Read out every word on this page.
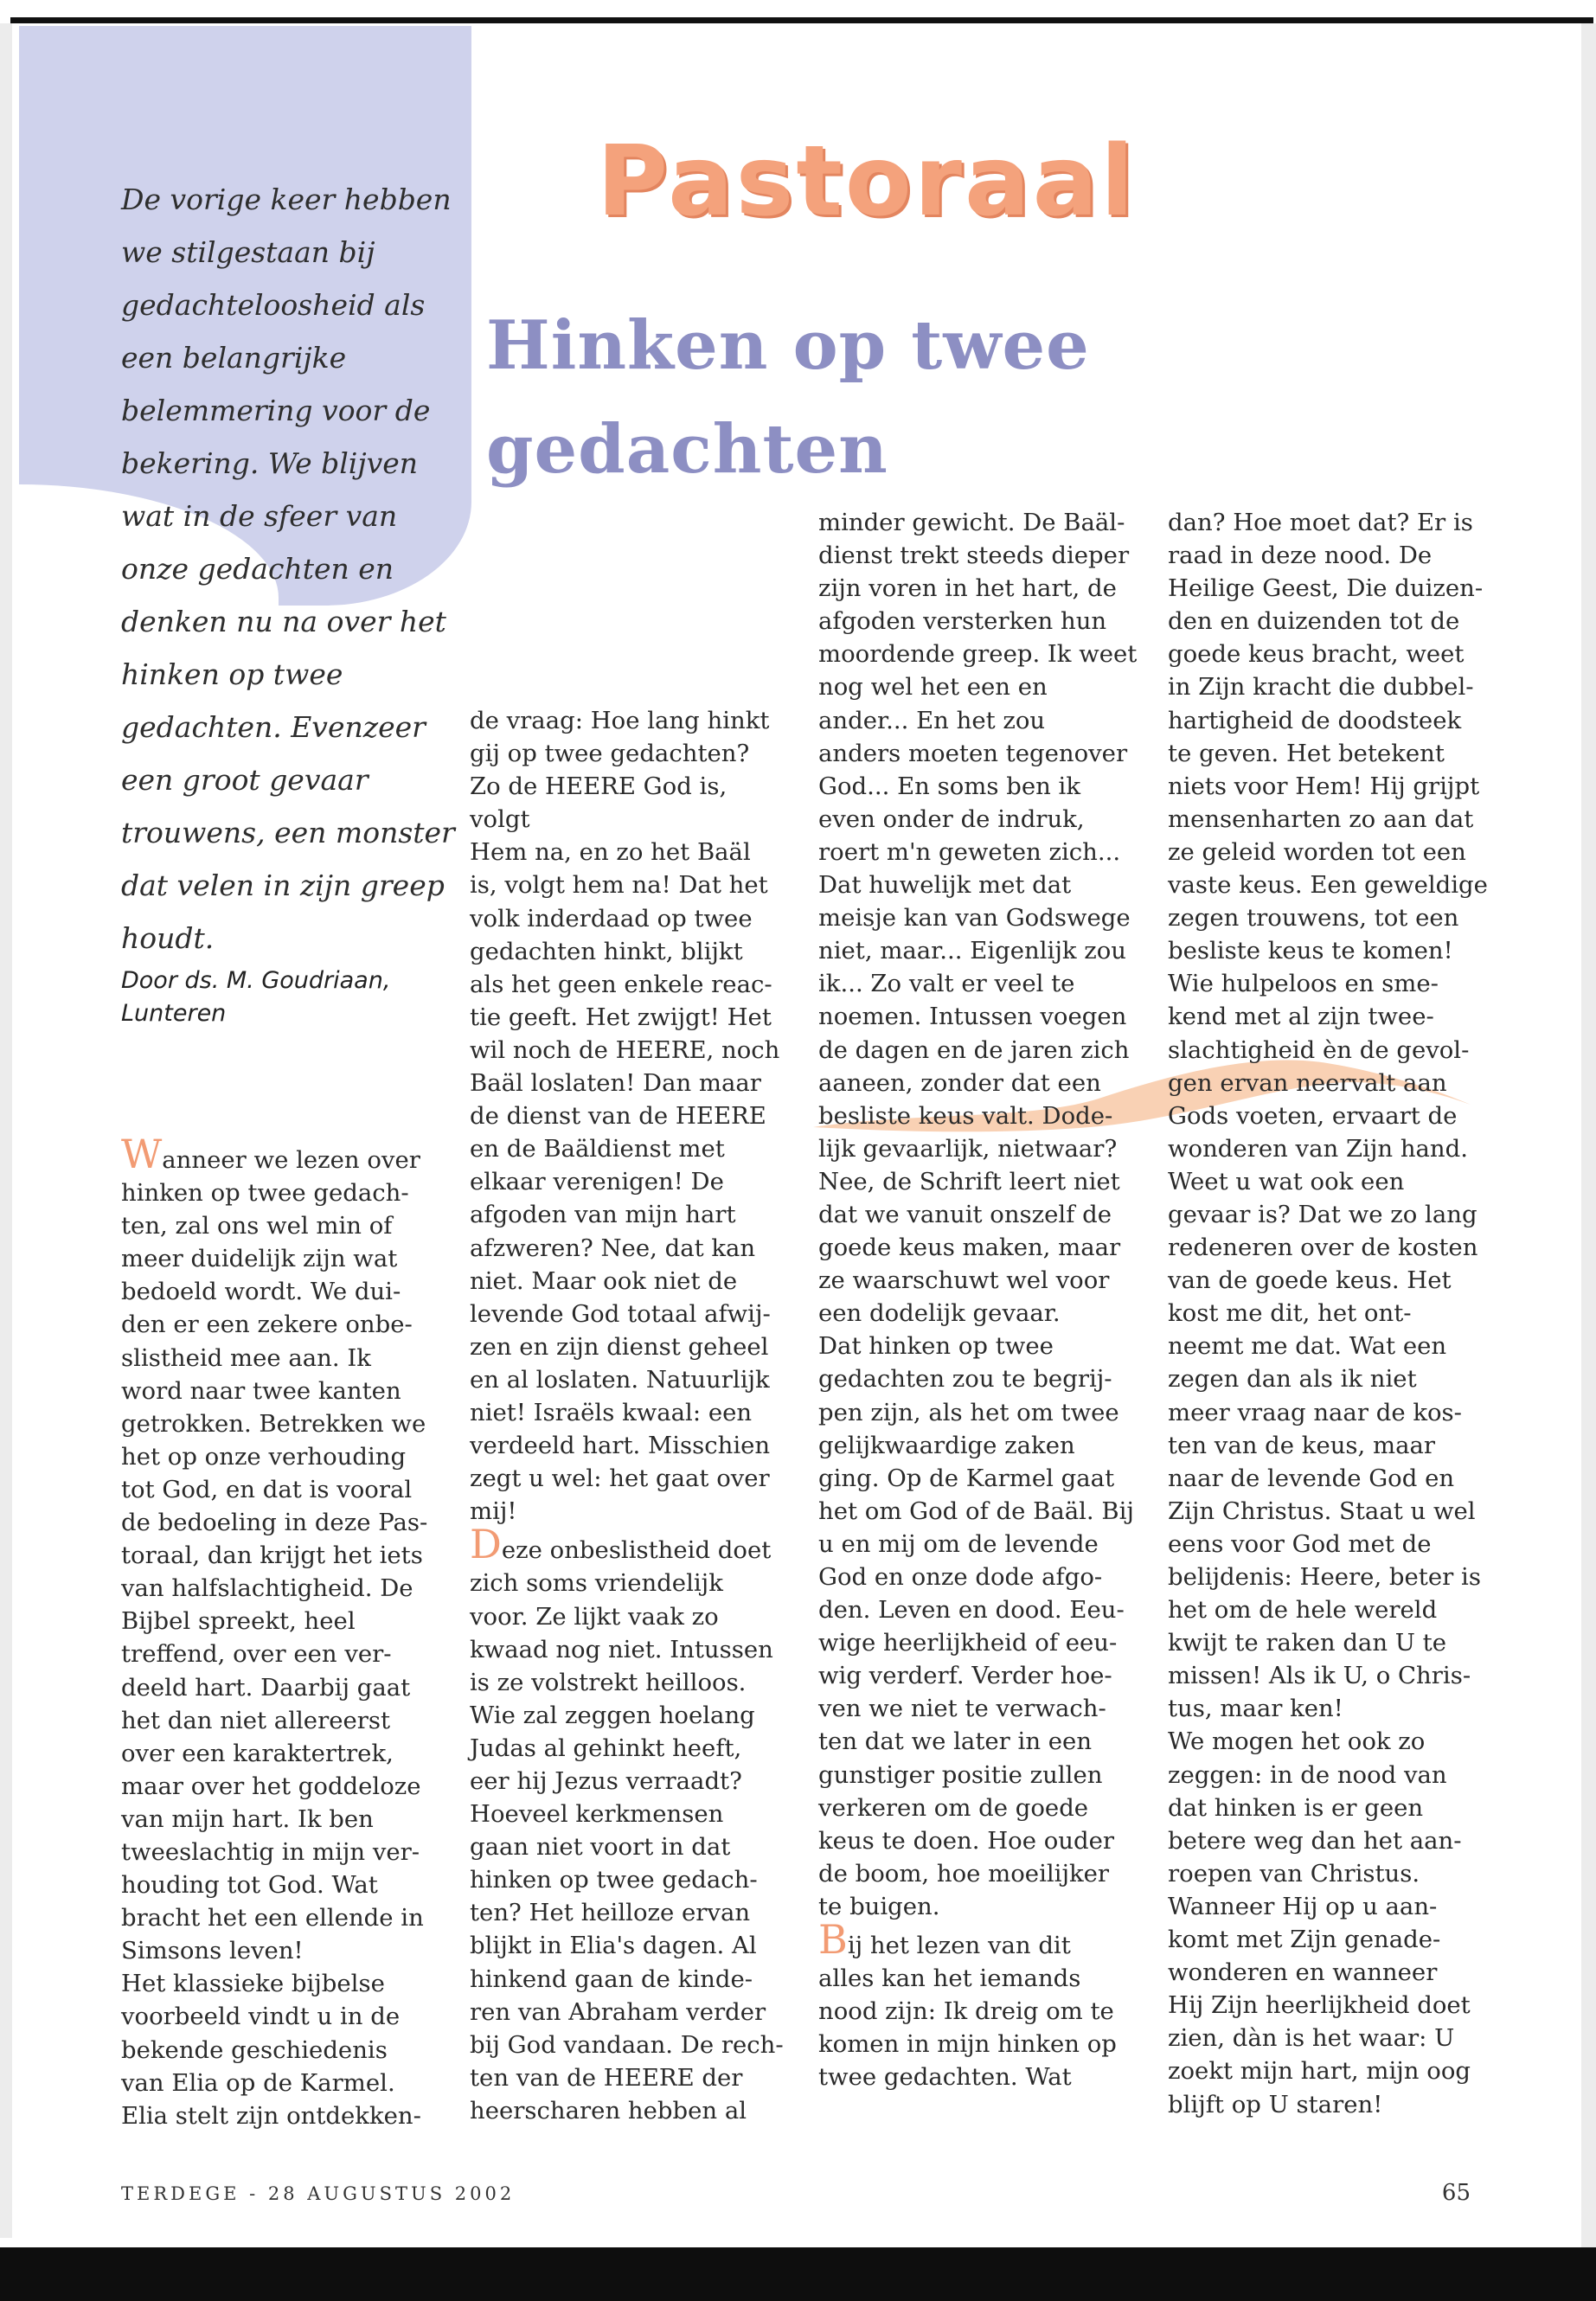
Pastoraal
Hinken op twee gedachten
De vorige keer hebben we stilgestaan bij gedachteloosheid als een belangrijke belemmering voor de bekering. We blijven wat in de sfeer van onze gedachten en denken nu na over het hinken op twee gedachten. Evenzeer een groot gevaar trouwens, een monster dat velen in zijn greep houdt.
Door ds. M. Goudriaan,
Lunteren
Wanneer we lezen over
hinken op twee gedach-
ten, zal ons wel min of
meer duidelijk zijn wat
bedoeld wordt. We dui-
den er een zekere onbe-
slistheid mee aan. Ik
word naar twee kanten
getrokken. Betrekken we
het op onze verhouding
tot God, en dat is vooral
de bedoeling in deze Pas-
toraal, dan krijgt het iets
van halfslachtigheid. De
Bijbel spreekt, heel
treffend, over een ver-
deeld hart. Daarbij gaat
het dan niet allereerst
over een karaktertrek,
maar over het goddeloze
van mijn hart. Ik ben
tweeslachtig in mijn ver-
houding tot God. Wat
bracht het een ellende in
Simsons leven!
Het klassieke bijbelse
voorbeeld vindt u in de
bekende geschiedenis
van Elia op de Karmel.
Elia stelt zijn ontdekken-
de vraag: Hoe lang hinkt
gij op twee gedachten?
Zo de HEERE God is, volgt
Hem na, en zo het Baäl
is, volgt hem na! Dat het
volk inderdaad op twee
gedachten hinkt, blijkt
als het geen enkele reac-
tie geeft. Het zwijgt! Het
wil noch de HEERE, noch
Baäl loslaten! Dan maar
de dienst van de HEERE
en de Baäldienst met
elkaar verenigen! De
afgoden van mijn hart
afzweren? Nee, dat kan
niet. Maar ook niet de
levende God totaal afwij-
zen en zijn dienst geheel
en al loslaten. Natuurlijk
niet! Israëls kwaal: een
verdeeld hart. Misschien
zegt u wel: het gaat over
mij!
Deze onbeslistheid doet
zich soms vriendelijk
voor. Ze lijkt vaak zo
kwaad nog niet. Intussen
is ze volstrekt heilloos.
Wie zal zeggen hoelang
Judas al gehinkt heeft,
eer hij Jezus verraadt?
Hoeveel kerkmensen
gaan niet voort in dat
hinken op twee gedach-
ten? Het heilloze ervan
blijkt in Elia's dagen. Al
hinkend gaan de kinde-
ren van Abraham verder
bij God vandaan. De rech-
ten van de HEERE der
heerscharen hebben al
minder gewicht. De Baäl-
dienst trekt steeds dieper
zijn voren in het hart, de
afgoden versterken hun
moordende greep. Ik weet
nog wel het een en
ander... En het zou
anders moeten tegenover
God... En soms ben ik
even onder de indruk,
roert m'n geweten zich...
Dat huwelijk met dat
meisje kan van Godswege
niet, maar... Eigenlijk zou
ik... Zo valt er veel te
noemen. Intussen voegen
de dagen en de jaren zich
aaneen, zonder dat een
besliste keus valt. Dode-
lijk gevaarlijk, nietwaar?
Nee, de Schrift leert niet
dat we vanuit onszelf de
goede keus maken, maar
ze waarschuwt wel voor
een dodelijk gevaar.
Dat hinken op twee
gedachten zou te begrij-
pen zijn, als het om twee
gelijkwaardige zaken
ging. Op de Karmel gaat
het om God of de Baäl. Bij
u en mij om de levende
God en onze dode afgo-
den. Leven en dood. Eeu-
wige heerlijkheid of eeu-
wig verderf. Verder hoe-
ven we niet te verwach-
ten dat we later in een
gunstiger positie zullen
verkeren om de goede
keus te doen. Hoe ouder
de boom, hoe moeilijker
te buigen.
Bij het lezen van dit
alles kan het iemands
nood zijn: Ik dreig om te
komen in mijn hinken op
twee gedachten. Wat
dan? Hoe moet dat? Er is
raad in deze nood. De
Heilige Geest, Die duizen-
den en duizenden tot de
goede keus bracht, weet
in Zijn kracht die dubbel-
hartigheid de doodsteek
te geven. Het betekent
niets voor Hem! Hij grijpt
mensenharten zo aan dat
ze geleid worden tot een
vaste keus. Een geweldige
zegen trouwens, tot een
besliste keus te komen!
Wie hulpeloos en sme-
kend met al zijn twee-
slachtigheid èn de gevol-
gen ervan neervalt aan
Gods voeten, ervaart de
wonderen van Zijn hand.
Weet u wat ook een
gevaar is? Dat we zo lang
redeneren over de kosten
van de goede keus. Het
kost me dit, het ont-
neemt me dat. Wat een
zegen dan als ik niet
meer vraag naar de kos-
ten van de keus, maar
naar de levende God en
Zijn Christus. Staat u wel
eens voor God met de
belijdenis: Heere, beter is
het om de hele wereld
kwijt te raken dan U te
missen! Als ik U, o Chris-
tus, maar ken!
We mogen het ook zo
zeggen: in de nood van
dat hinken is er geen
betere weg dan het aan-
roepen van Christus.
Wanneer Hij op u aan-
komt met Zijn genade-
wonderen en wanneer
Hij Zijn heerlijkheid doet
zien, dàn is het waar: U
zoekt mijn hart, mijn oog
blijft op U staren!
TERDEGE - 28 AUGUSTUS 2002	65
